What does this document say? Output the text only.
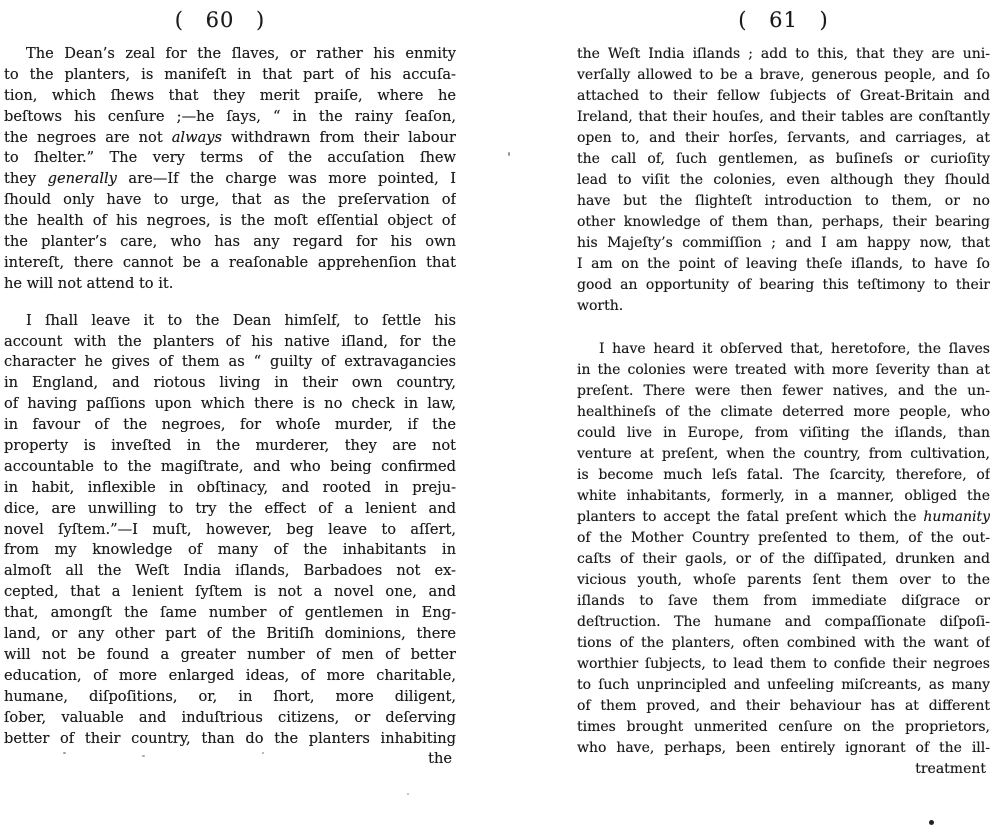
( 60 )
The Dean’s zeal for the ſlaves, or rather his enmity
to the planters, is manifeſt in that part of his accuſa-
tion, which ſhews that they merit praiſe, where he
beſtows his cenſure ;—he ſays, “ in the rainy ſeaſon,
the negroes are not always withdrawn from their labour
to ſhelter.” The very terms of the accuſation ſhew
they generally are—If the charge was more pointed, I
ſhould only have to urge, that as the preſervation of
the health of his negroes, is the moſt eſſential object of
the planter’s care, who has any regard for his own
intereſt, there cannot be a reaſonable apprehenſion that
he will not attend to it.
I ſhall leave it to the Dean himſelf, to ſettle his
account with the planters of his native iſland, for the
character he gives of them as “ guilty of extravagancies
in England, and riotous living in their own country,
of having paſſions upon which there is no check in law,
in favour of the negroes, for whoſe murder, if the
property is inveſted in the murderer, they are not
accountable to the magiſtrate, and who being confirmed
in habit, inflexible in obſtinacy, and rooted in preju-
dice, are unwilling to try the effect of a lenient and
novel ſyſtem.”—I muſt, however, beg leave to aſſert,
from my knowledge of many of the inhabitants in
almoſt all the Weſt India iſlands, Barbadoes not ex-
cepted, that a lenient ſyſtem is not a novel one, and
that, amongſt the ſame number of gentlemen in Eng-
land, or any other part of the Britiſh dominions, there
will not be found a greater number of men of better
education, of more enlarged ideas, of more charitable,
humane, diſpoſitions, or, in ſhort, more diligent,
ſober, valuable and induſtrious citizens, or deſerving
better of their country, than do the planters inhabiting
the
( 61 )
the Weſt India iſlands ; add to this, that they are uni-
verſally allowed to be a brave, generous people, and ſo
attached to their fellow ſubjects of Great-Britain and
Ireland, that their houſes, and their tables are conſtantly
open to, and their horſes, ſervants, and carriages, at
the call of, ſuch gentlemen, as buſineſs or curioſity
lead to viſit the colonies, even although they ſhould
have but the ſlighteſt introduction to them, or no
other knowledge of them than, perhaps, their bearing
his Majeſty’s commiſſion ; and I am happy now, that
I am on the point of leaving theſe iſlands, to have ſo
good an opportunity of bearing this teſtimony to their
worth.
I have heard it obſerved that, heretofore, the ſlaves
in the colonies were treated with more ſeverity than at
preſent. There were then fewer natives, and the un-
healthineſs of the climate deterred more people, who
could live in Europe, from viſiting the iſlands, than
venture at preſent, when the country, from cultivation,
is become much leſs fatal. The ſcarcity, therefore, of
white inhabitants, formerly, in a manner, obliged the
planters to accept the fatal preſent which the humanity
of the Mother Country preſented to them, of the out-
caſts of their gaols, or of the diſſipated, drunken and
vicious youth, whoſe parents ſent them over to the
iſlands to ſave them from immediate diſgrace or
deſtruction. The humane and compaſſionate diſpoſi-
tions of the planters, often combined with the want of
worthier ſubjects, to lead them to confide their negroes
to ſuch unprincipled and unfeeling miſcreants, as many
of them proved, and their behaviour has at different
times brought unmerited cenſure on the proprietors,
who have, perhaps, been entirely ignorant of the ill-
treatment
